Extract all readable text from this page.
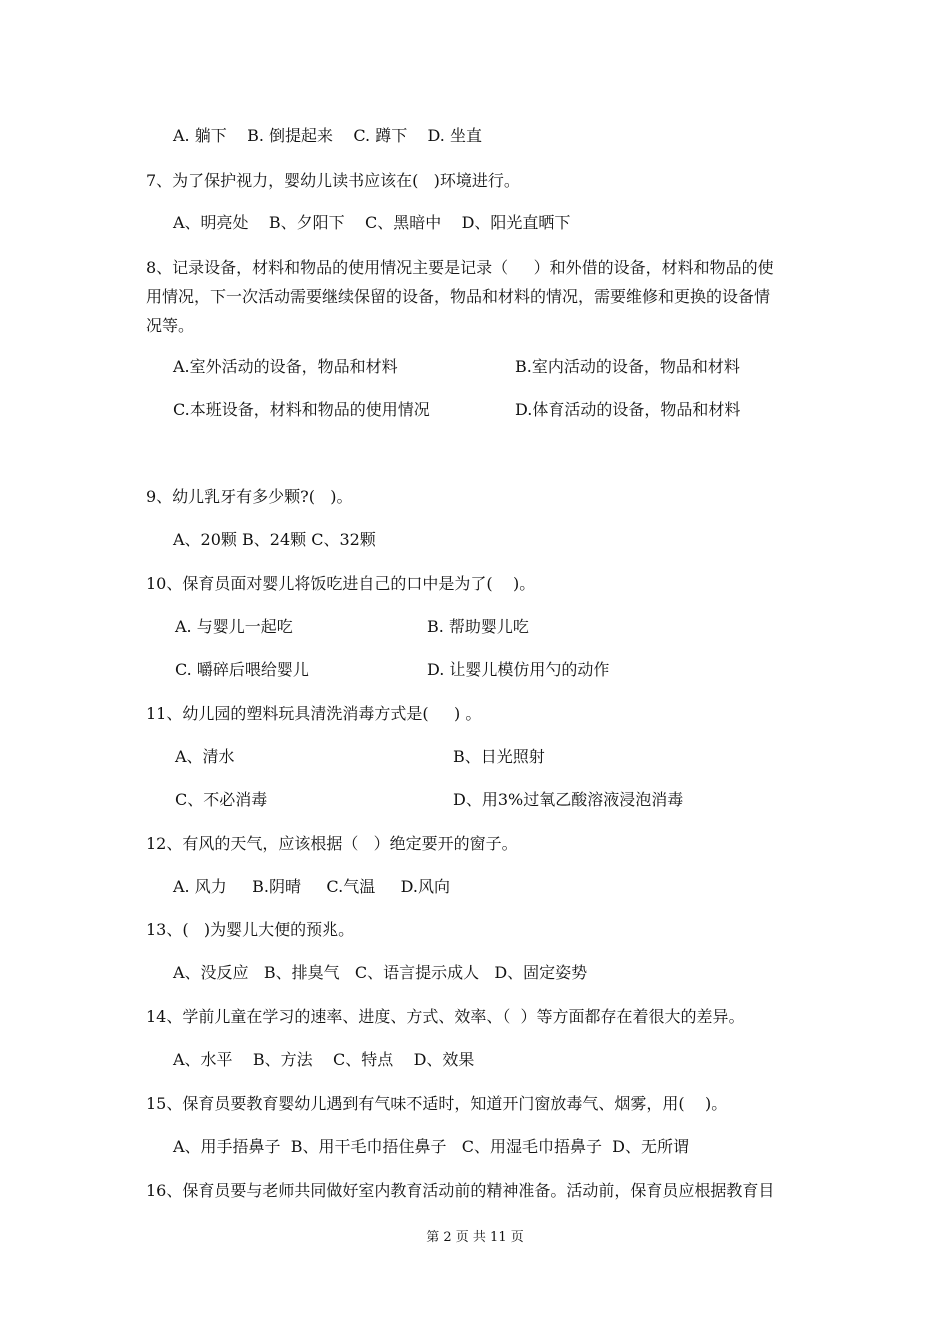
A. 躺下    B. 倒提起来    C. 蹲下    D. 坐直
7、为了保护视力，婴幼儿读书应该在(   )环境进行。
A、明亮处    B、夕阳下    C、黑暗中    D、阳光直晒下
8、记录设备，材料和物品的使用情况主要是记录（     ）和外借的设备，材料和物品的使
用情况，下一次活动需要继续保留的设备，物品和材料的情况，需要维修和更换的设备情
况等。
A.室外活动的设备，物品和材料	B.室内活动的设备，物品和材料
C.本班设备，材料和物品的使用情况	D.体育活动的设备，物品和材料
9、幼儿乳牙有多少颗?(   )。
A、20颗 B、24颗 C、32颗
10、保育员面对婴儿将饭吃进自己的口中是为了(    )。
A. 与婴儿一起吃	B. 帮助婴儿吃
C. 嚼碎后喂给婴儿	D. 让婴儿模仿用勺的动作
11、幼儿园的塑料玩具清洗消毒方式是(     ) 。
A、清水	B、日光照射
C、不必消毒	D、用3%过氧乙酸溶液浸泡消毒
12、有风的天气，应该根据（   ）绝定要开的窗子。
A. 风力     B.阴晴     C.气温     D.风向
13、(   )为婴儿大便的预兆。
A、没反应   B、排臭气   C、语言提示成人   D、固定姿势
14、学前儿童在学习的速率、进度、方式、效率、（  ）等方面都存在着很大的差异。
A、水平    B、方法    C、特点    D、效果
15、保育员要教育婴幼儿遇到有气味不适时，知道开门窗放毒气、烟雾，用(    )。
A、用手捂鼻子  B、用干毛巾捂住鼻子   C、用湿毛巾捂鼻子  D、无所谓
16、保育员要与老师共同做好室内教育活动前的精神准备。活动前，保育员应根据教育目
第 2 页 共 11 页
